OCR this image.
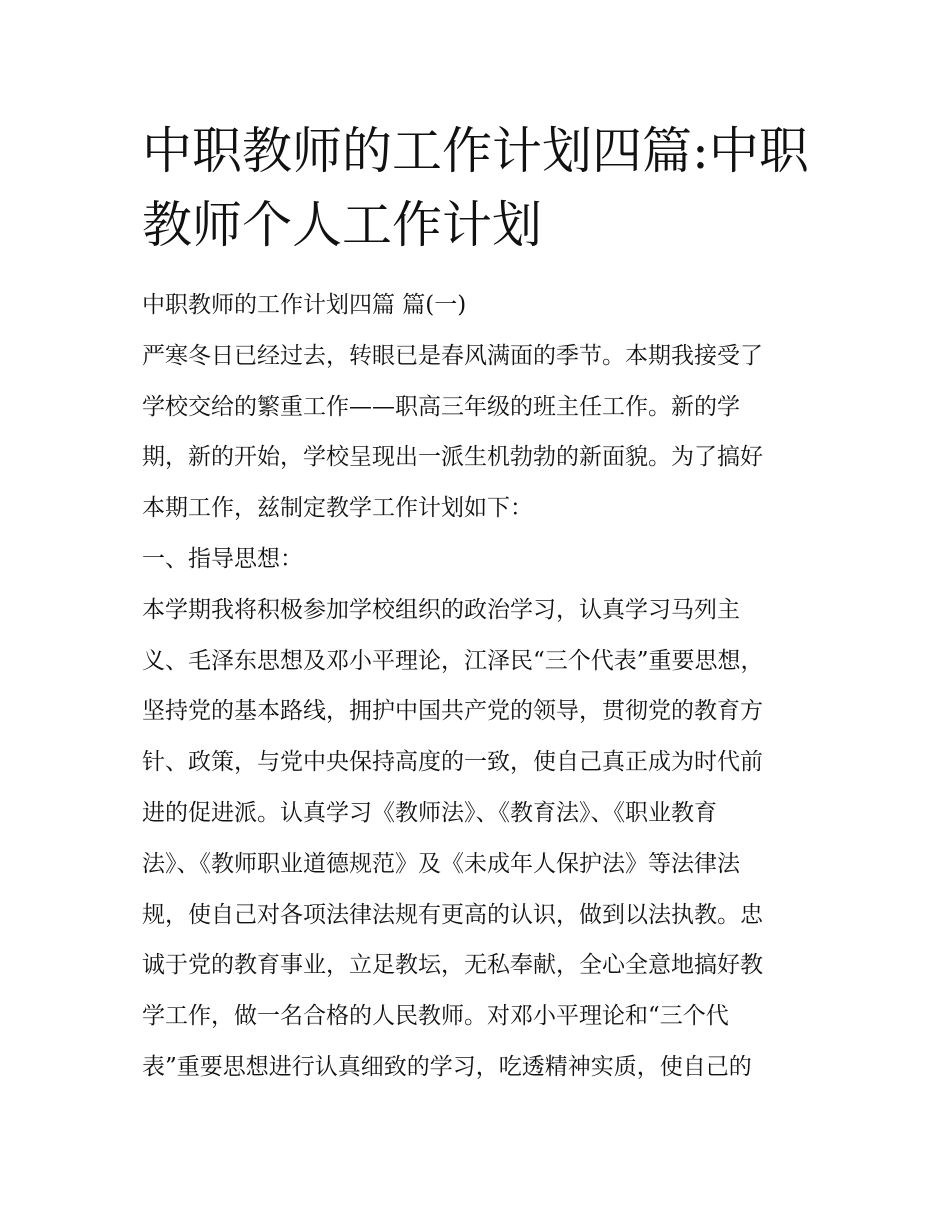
中职教师的工作计划四篇:中职
教师个人工作计划
中职教师的工作计划四篇 篇(一)
严寒冬日已经过去，转眼已是春风满面的季节。本期我接受了
学校交给的繁重工作——职高三年级的班主任工作。新的学
期，新的开始，学校呈现出一派生机勃勃的新面貌。为了搞好
本期工作，兹制定教学工作计划如下：
一、指导思想：
本学期我将积极参加学校组织的政治学习，认真学习马列主
义、毛泽东思想及邓小平理论，江泽民“三个代表”重要思想，
坚持党的基本路线，拥护中国共产党的领导，贯彻党的教育方
针、政策，与党中央保持高度的一致，使自己真正成为时代前
进的促进派。认真学习《教师法》、《教育法》、《职业教育
法》、《教师职业道德规范》及《未成年人保护法》等法律法
规，使自己对各项法律法规有更高的认识，做到以法执教。忠
诚于党的教育事业，立足教坛，无私奉献，全心全意地搞好教
学工作，做一名合格的人民教师。对邓小平理论和“三个代
表”重要思想进行认真细致的学习，吃透精神实质，使自己的
